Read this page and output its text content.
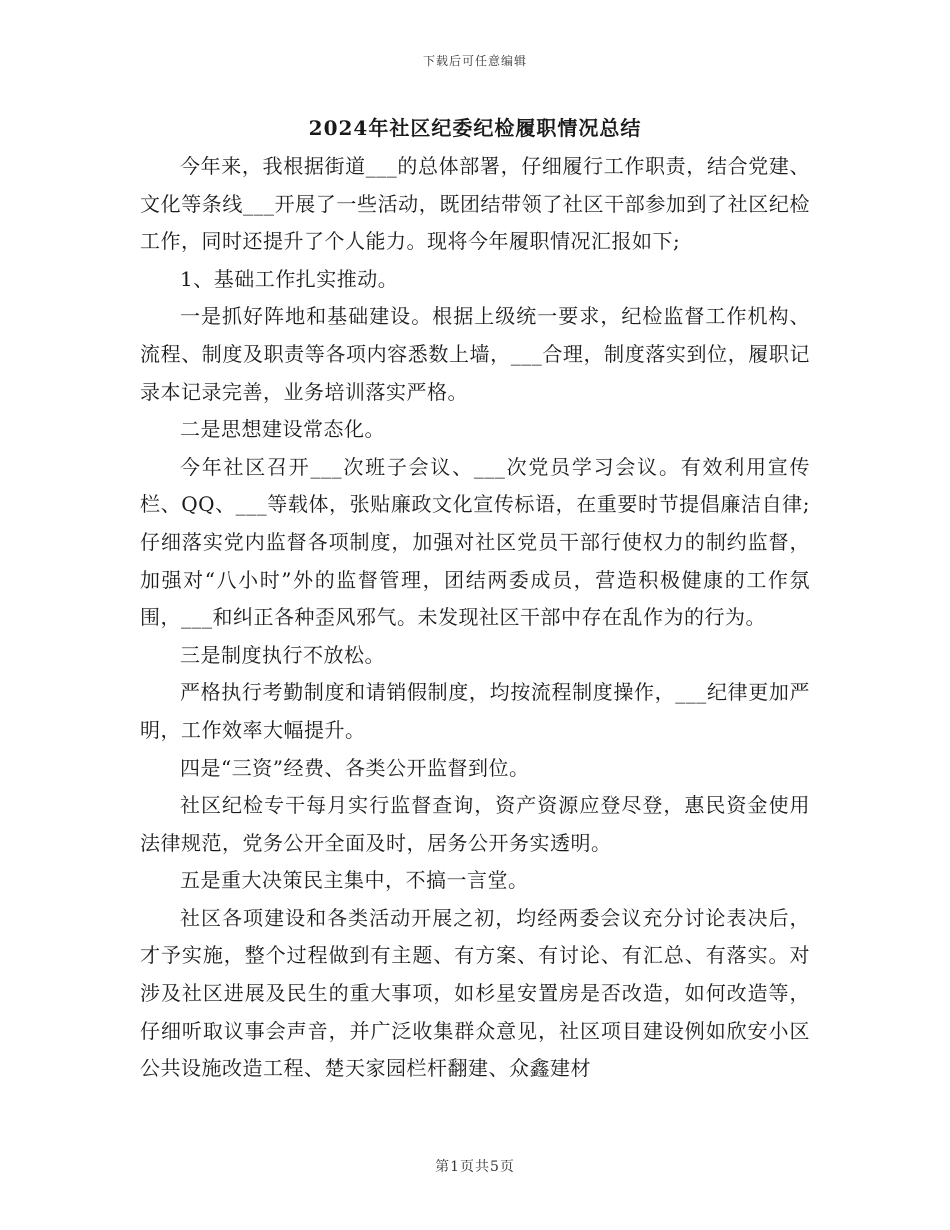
下载后可任意编辑
2024年社区纪委纪检履职情况总结

今年来，我根据街道___的总体部署，仔细履行工作职责，结合党建、文化等条线___开展了一些活动，既团结带领了社区干部参加到了社区纪检工作，同时还提升了个人能力。现将今年履职情况汇报如下;

1、基础工作扎实推动。

一是抓好阵地和基础建设。根据上级统一要求，纪检监督工作机构、流程、制度及职责等各项内容悉数上墙，___合理，制度落实到位，履职记录本记录完善，业务培训落实严格。

二是思想建设常态化。

今年社区召开___次班子会议、___次党员学习会议。有效利用宣传栏、QQ、___等载体，张贴廉政文化宣传标语，在重要时节提倡廉洁自律;仔细落实党内监督各项制度，加强对社区党员干部行使权力的制约监督，加强对“八小时”外的监督管理，团结两委成员，营造积极健康的工作氛围，___和纠正各种歪风邪气。未发现社区干部中存在乱作为的行为。

三是制度执行不放松。

严格执行考勤制度和请销假制度，均按流程制度操作，___纪律更加严明，工作效率大幅提升。

四是“三资”经费、各类公开监督到位。

社区纪检专干每月实行监督查询，资产资源应登尽登，惠民资金使用法律规范，党务公开全面及时，居务公开务实透明。

五是重大决策民主集中，不搞一言堂。

社区各项建设和各类活动开展之初，均经两委会议充分讨论表决后，才予实施，整个过程做到有主题、有方案、有讨论、有汇总、有落实。对涉及社区进展及民生的重大事项，如杉星安置房是否改造，如何改造等，仔细听取议事会声音，并广泛收集群众意见，社区项目建设例如欣安小区公共设施改造工程、楚天家园栏杆翻建、众鑫建材

第1页共5页
